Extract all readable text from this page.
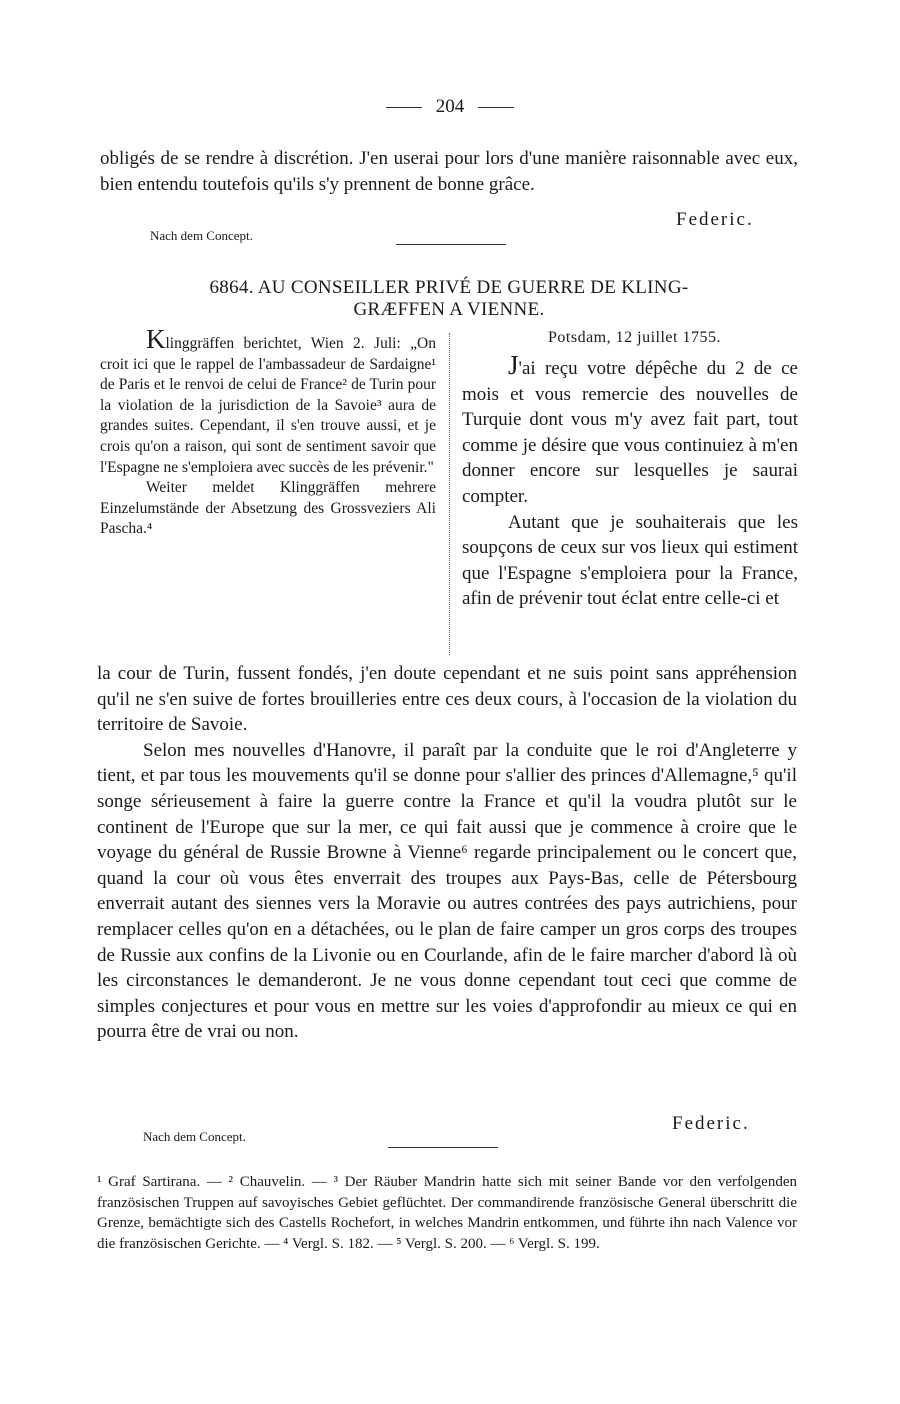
204

obligés de se rendre à discrétion. J'en userai pour lors d'une manière raisonnable avec eux, bien entendu toutefois qu'ils s'y prennent de bonne grâce.

Federic.
Nach dem Concept.
6864. AU CONSEILLER PRIVÉ DE GUERRE DE KLING-
GRÆFFEN A VIENNE.

Klinggräffen berichtet, Wien 2. Juli: „On croit ici que le rappel de l'ambassadeur de Sardaigne¹ de Paris et le renvoi de celui de France² de Turin pour la violation de la jurisdiction de la Savoie³ aura de grandes suites. Cependant, il s'en trouve aussi, et je crois qu'on a raison, qui sont de sentiment savoir que l'Espagne ne s'emploiera avec succès de les prévenir."

Weiter meldet Klinggräffen mehrere Einzelumstände der Absetzung des Grossveziers Ali Pascha.⁴

Potsdam, 12 juillet 1755.

J'ai reçu votre dépêche du 2 de ce mois et vous remercie des nouvelles de Turquie dont vous m'y avez fait part, tout comme je désire que vous continuiez à m'en donner encore sur lesquelles je saurai compter.

Autant que je souhaiterais que les soupçons de ceux sur vos lieux qui estiment que l'Espagne s'emploiera pour la France, afin de prévenir tout éclat entre celle-ci et

la cour de Turin, fussent fondés, j'en doute cependant et ne suis point sans appréhension qu'il ne s'en suive de fortes brouilleries entre ces deux cours, à l'occasion de la violation du territoire de Savoie.

Selon mes nouvelles d'Hanovre, il paraît par la conduite que le roi d'Angleterre y tient, et par tous les mouvements qu'il se donne pour s'allier des princes d'Allemagne,⁵ qu'il songe sérieusement à faire la guerre contre la France et qu'il la voudra plutôt sur le continent de l'Europe que sur la mer, ce qui fait aussi que je commence à croire que le voyage du général de Russie Browne à Vienne⁶ regarde principalement ou le concert que, quand la cour où vous êtes enverrait des troupes aux Pays-Bas, celle de Pétersbourg enverrait autant des siennes vers la Moravie ou autres contrées des pays autrichiens, pour remplacer celles qu'on en a détachées, ou le plan de faire camper un gros corps des troupes de Russie aux confins de la Livonie ou en Courlande, afin de le faire marcher d'abord là où les circonstances le demanderont. Je ne vous donne cependant tout ceci que comme de simples conjectures et pour vous en mettre sur les voies d'approfondir au mieux ce qui en pourra être de vrai ou non.

Federic.
Nach dem Concept.

¹ Graf Sartirana. — ² Chauvelin. — ³ Der Räuber Mandrin hatte sich mit seiner Bande vor den verfolgenden französischen Truppen auf savoyisches Gebiet geflüchtet. Der commandirende französische General überschritt die Grenze, bemächtigte sich des Castells Rochefort, in welches Mandrin entkommen, und führte ihn nach Valence vor die französischen Gerichte. — ⁴ Vergl. S. 182. — ⁵ Vergl. S. 200. — ⁶ Vergl. S. 199.
